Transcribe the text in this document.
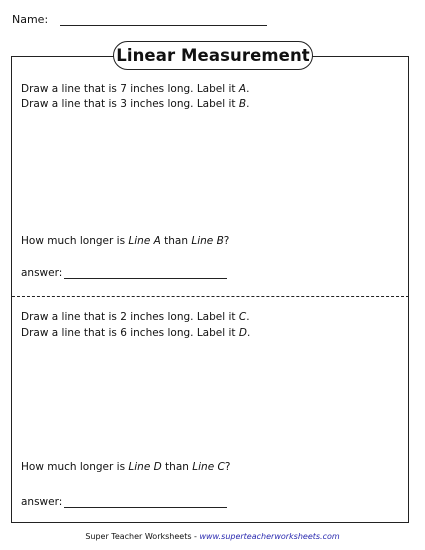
Name:
Linear Measurement
Draw a line that is 7 inches long. Label it A.
Draw a line that is 3 inches long. Label it B.
How much longer is Line A than Line B?
answer:
Draw a line that is 2 inches long. Label it C.
Draw a line that is 6 inches long. Label it D.
How much longer is Line D than Line C?
answer:
Super Teacher Worksheets - www.superteacherworksheets.com
